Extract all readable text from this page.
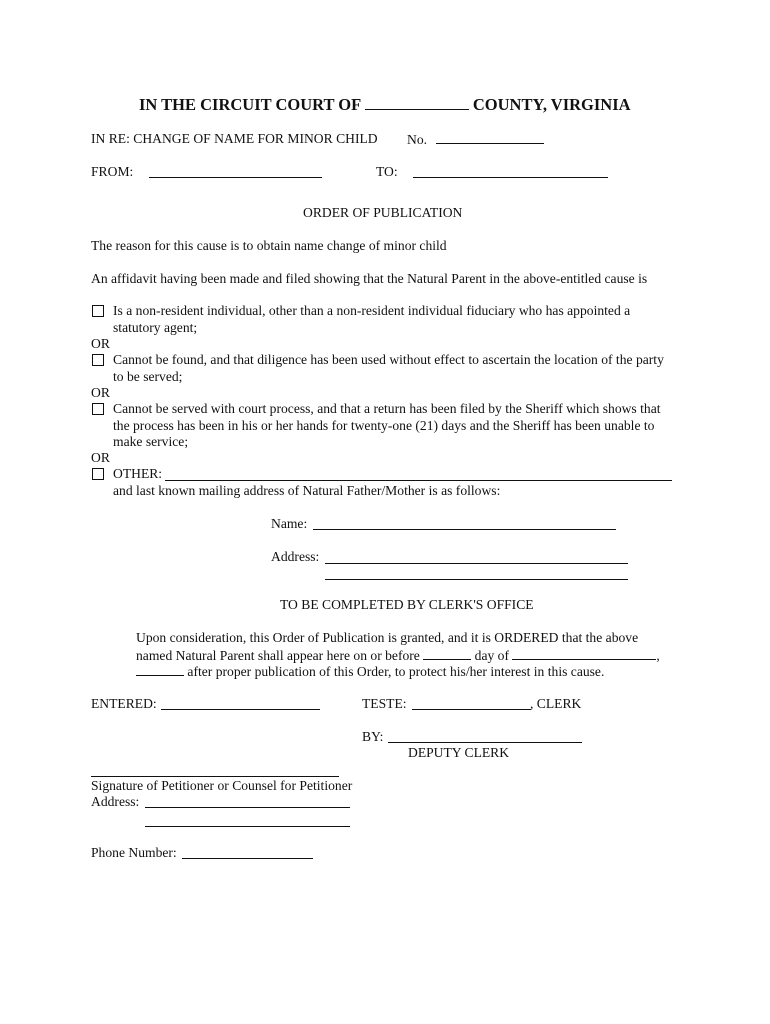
IN THE CIRCUIT COURT OF	COUNTY, VIRGINIA
IN RE: CHANGE OF NAME FOR MINOR CHILD No.
FROM:	TO:
ORDER OF PUBLICATION
The reason for this cause is to obtain name change of minor child
An affidavit having been made and filed showing that the Natural Parent in the above-entitled cause is
Is a non-resident individual, other than a non-resident individual fiduciary who has appointed a
statutory agent;
OR
Cannot be found, and that diligence has been used without effect to ascertain the location of the party
to be served;
OR
Cannot be served with court process, and that a return has been filed by the Sheriff which shows that
the process has been in his or her hands for twenty-one (21) days and the Sheriff has been unable to
make service;
OR
OTHER:
and last known mailing address of Natural Father/Mother is as follows:
Name:
Address:
TO BE COMPLETED BY CLERK'S OFFICE
Upon consideration, this Order of Publication is granted, and it is ORDERED that the above
named Natural Parent shall appear here on or before	day of	,
after proper publication of this Order, to protect his/her interest in this cause.
ENTERED:	TESTE:	, CLERK
BY:
DEPUTY CLERK
Signature of Petitioner or Counsel for Petitioner
Address:
Phone Number:
